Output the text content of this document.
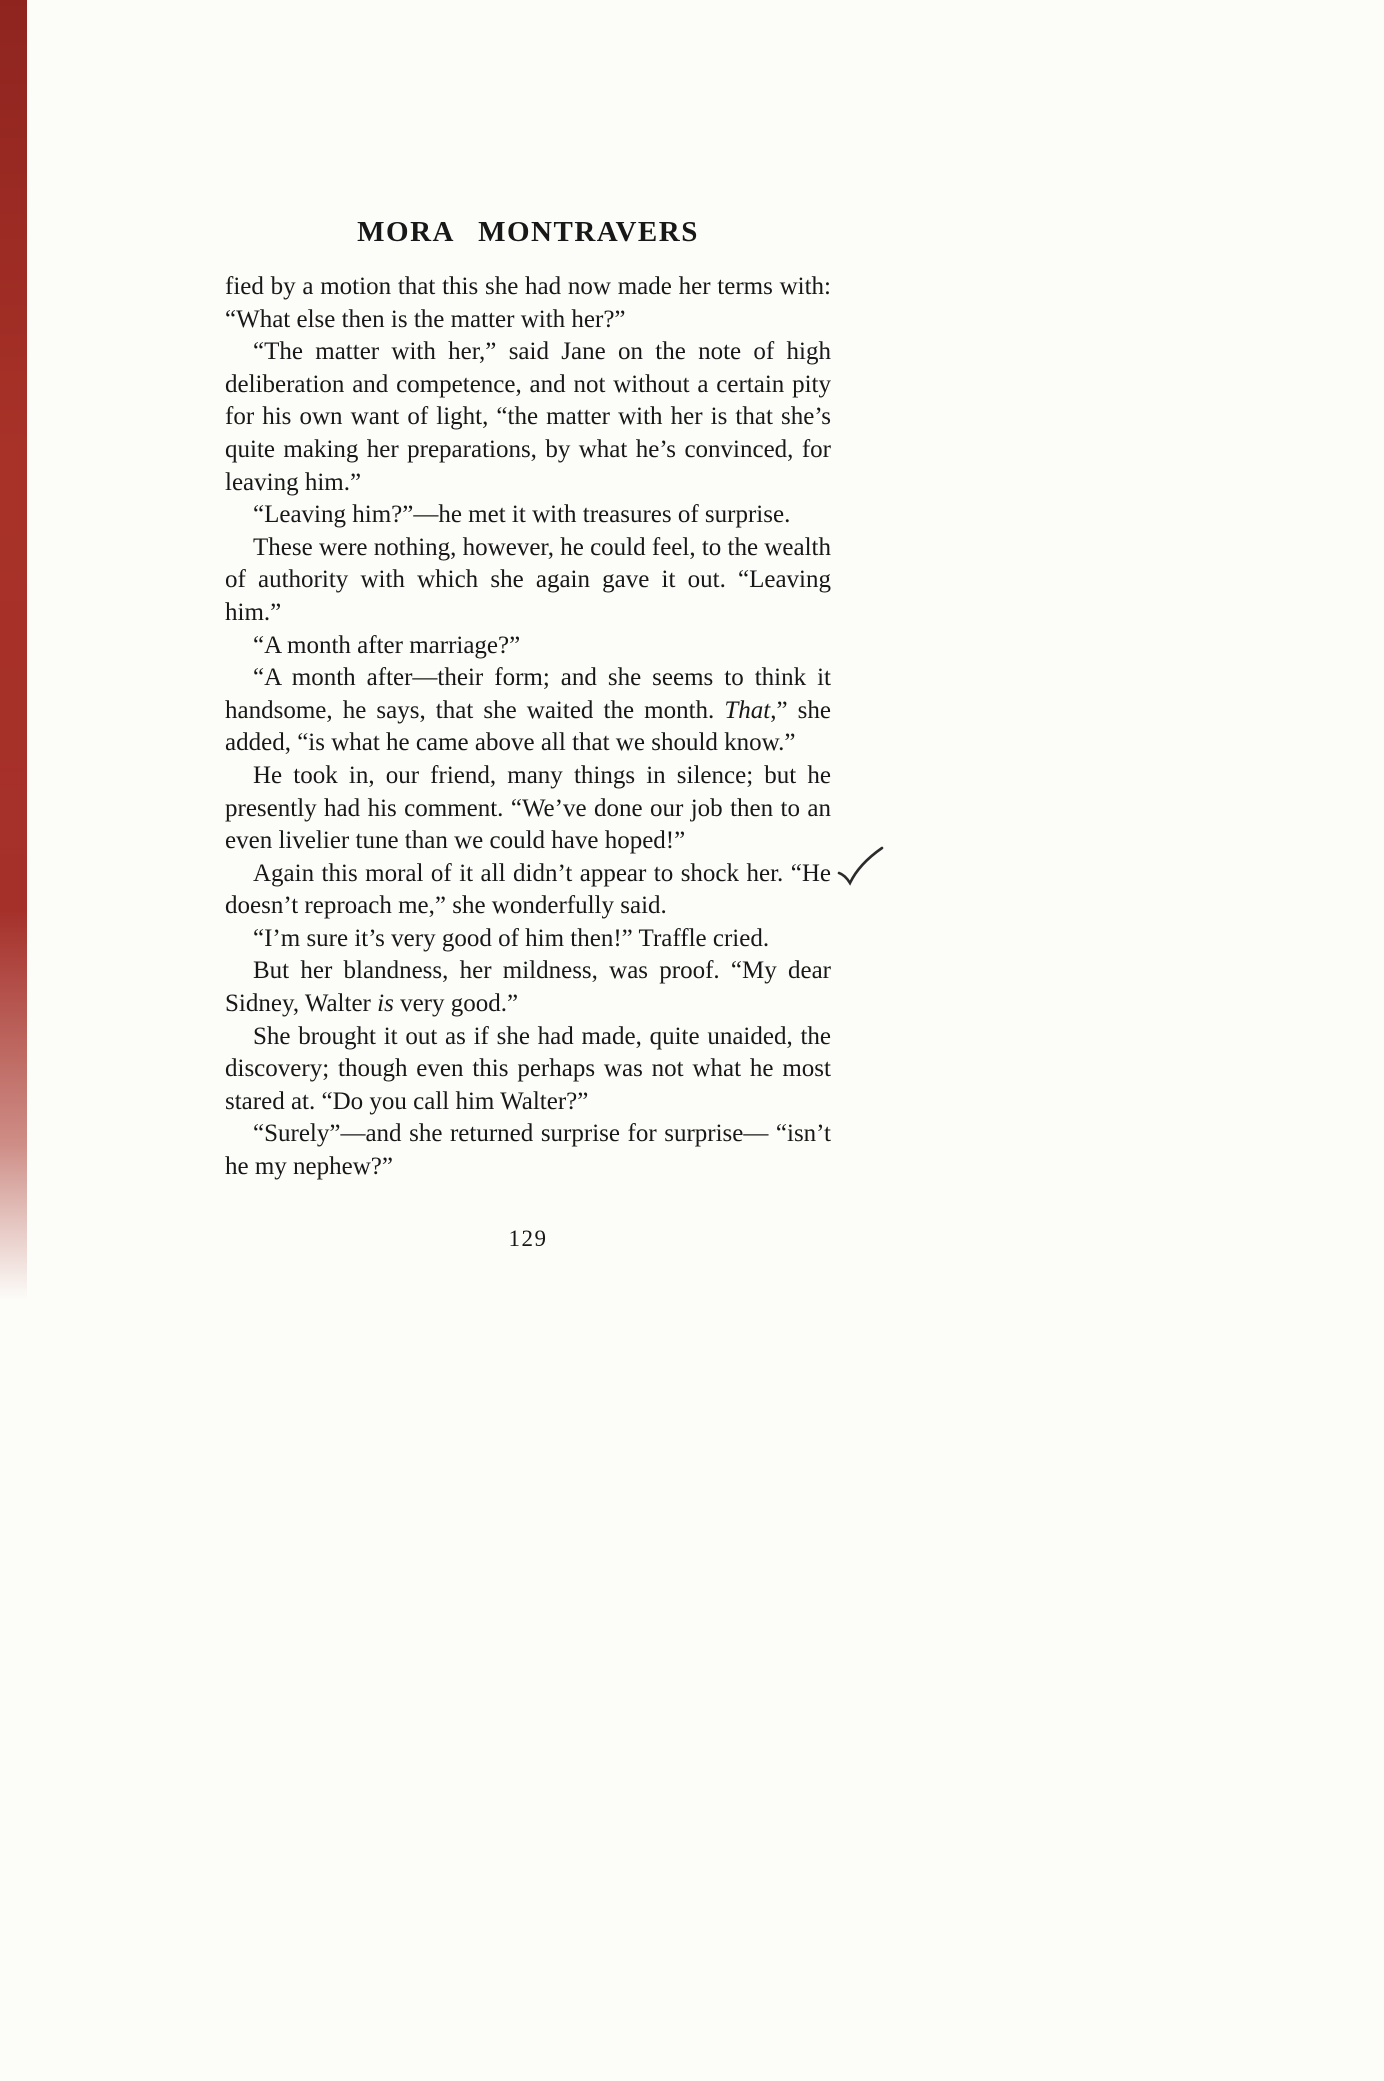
MORA MONTRAVERS

fied by a motion that this she had now made her terms with: “What else then is the matter with her?”

“The matter with her,” said Jane on the note of high deliberation and competence, and not without a certain pity for his own want of light, “the matter with her is that she’s quite making her preparations, by what he’s convinced, for leaving him.”

“Leaving him?”—he met it with treasures of surprise.

These were nothing, however, he could feel, to the wealth of authority with which she again gave it out. “Leaving him.”

“A month after marriage?”

“A month after—their form; and she seems to think it handsome, he says, that she waited the month. That,” she added, “is what he came above all that we should know.”

He took in, our friend, many things in silence; but he presently had his comment. “We’ve done our job then to an even livelier tune than we could have hoped!”

Again this moral of it all didn’t appear to shock her. “He doesn’t reproach me,” she wonderfully said.

“I’m sure it’s very good of him then!” Traffle cried.

But her blandness, her mildness, was proof. “My dear Sidney, Walter is very good.”

She brought it out as if she had made, quite unaided, the discovery; though even this perhaps was not what he most stared at. “Do you call him Walter?”

“Surely”—and she returned surprise for surprise— “isn’t he my nephew?”

129
